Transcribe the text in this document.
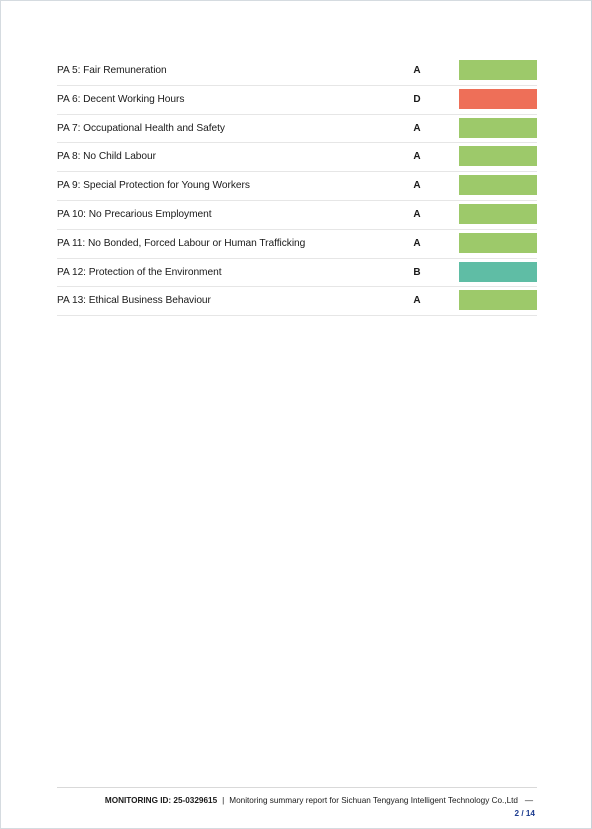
PA 5: Fair Remuneration	A
PA 6: Decent Working Hours	D
PA 7: Occupational Health and Safety	A
PA 8: No Child Labour	A
PA 9: Special Protection for Young Workers	A
PA 10: No Precarious Employment	A
PA 11: No Bonded, Forced Labour or Human Trafficking	A
PA 12: Protection of the Environment	B
PA 13: Ethical Business Behaviour	A
MONITORING ID: 25-0329615 | Monitoring summary report for Sichuan Tengyang Intelligent Technology Co.,Ltd —
2 / 14
